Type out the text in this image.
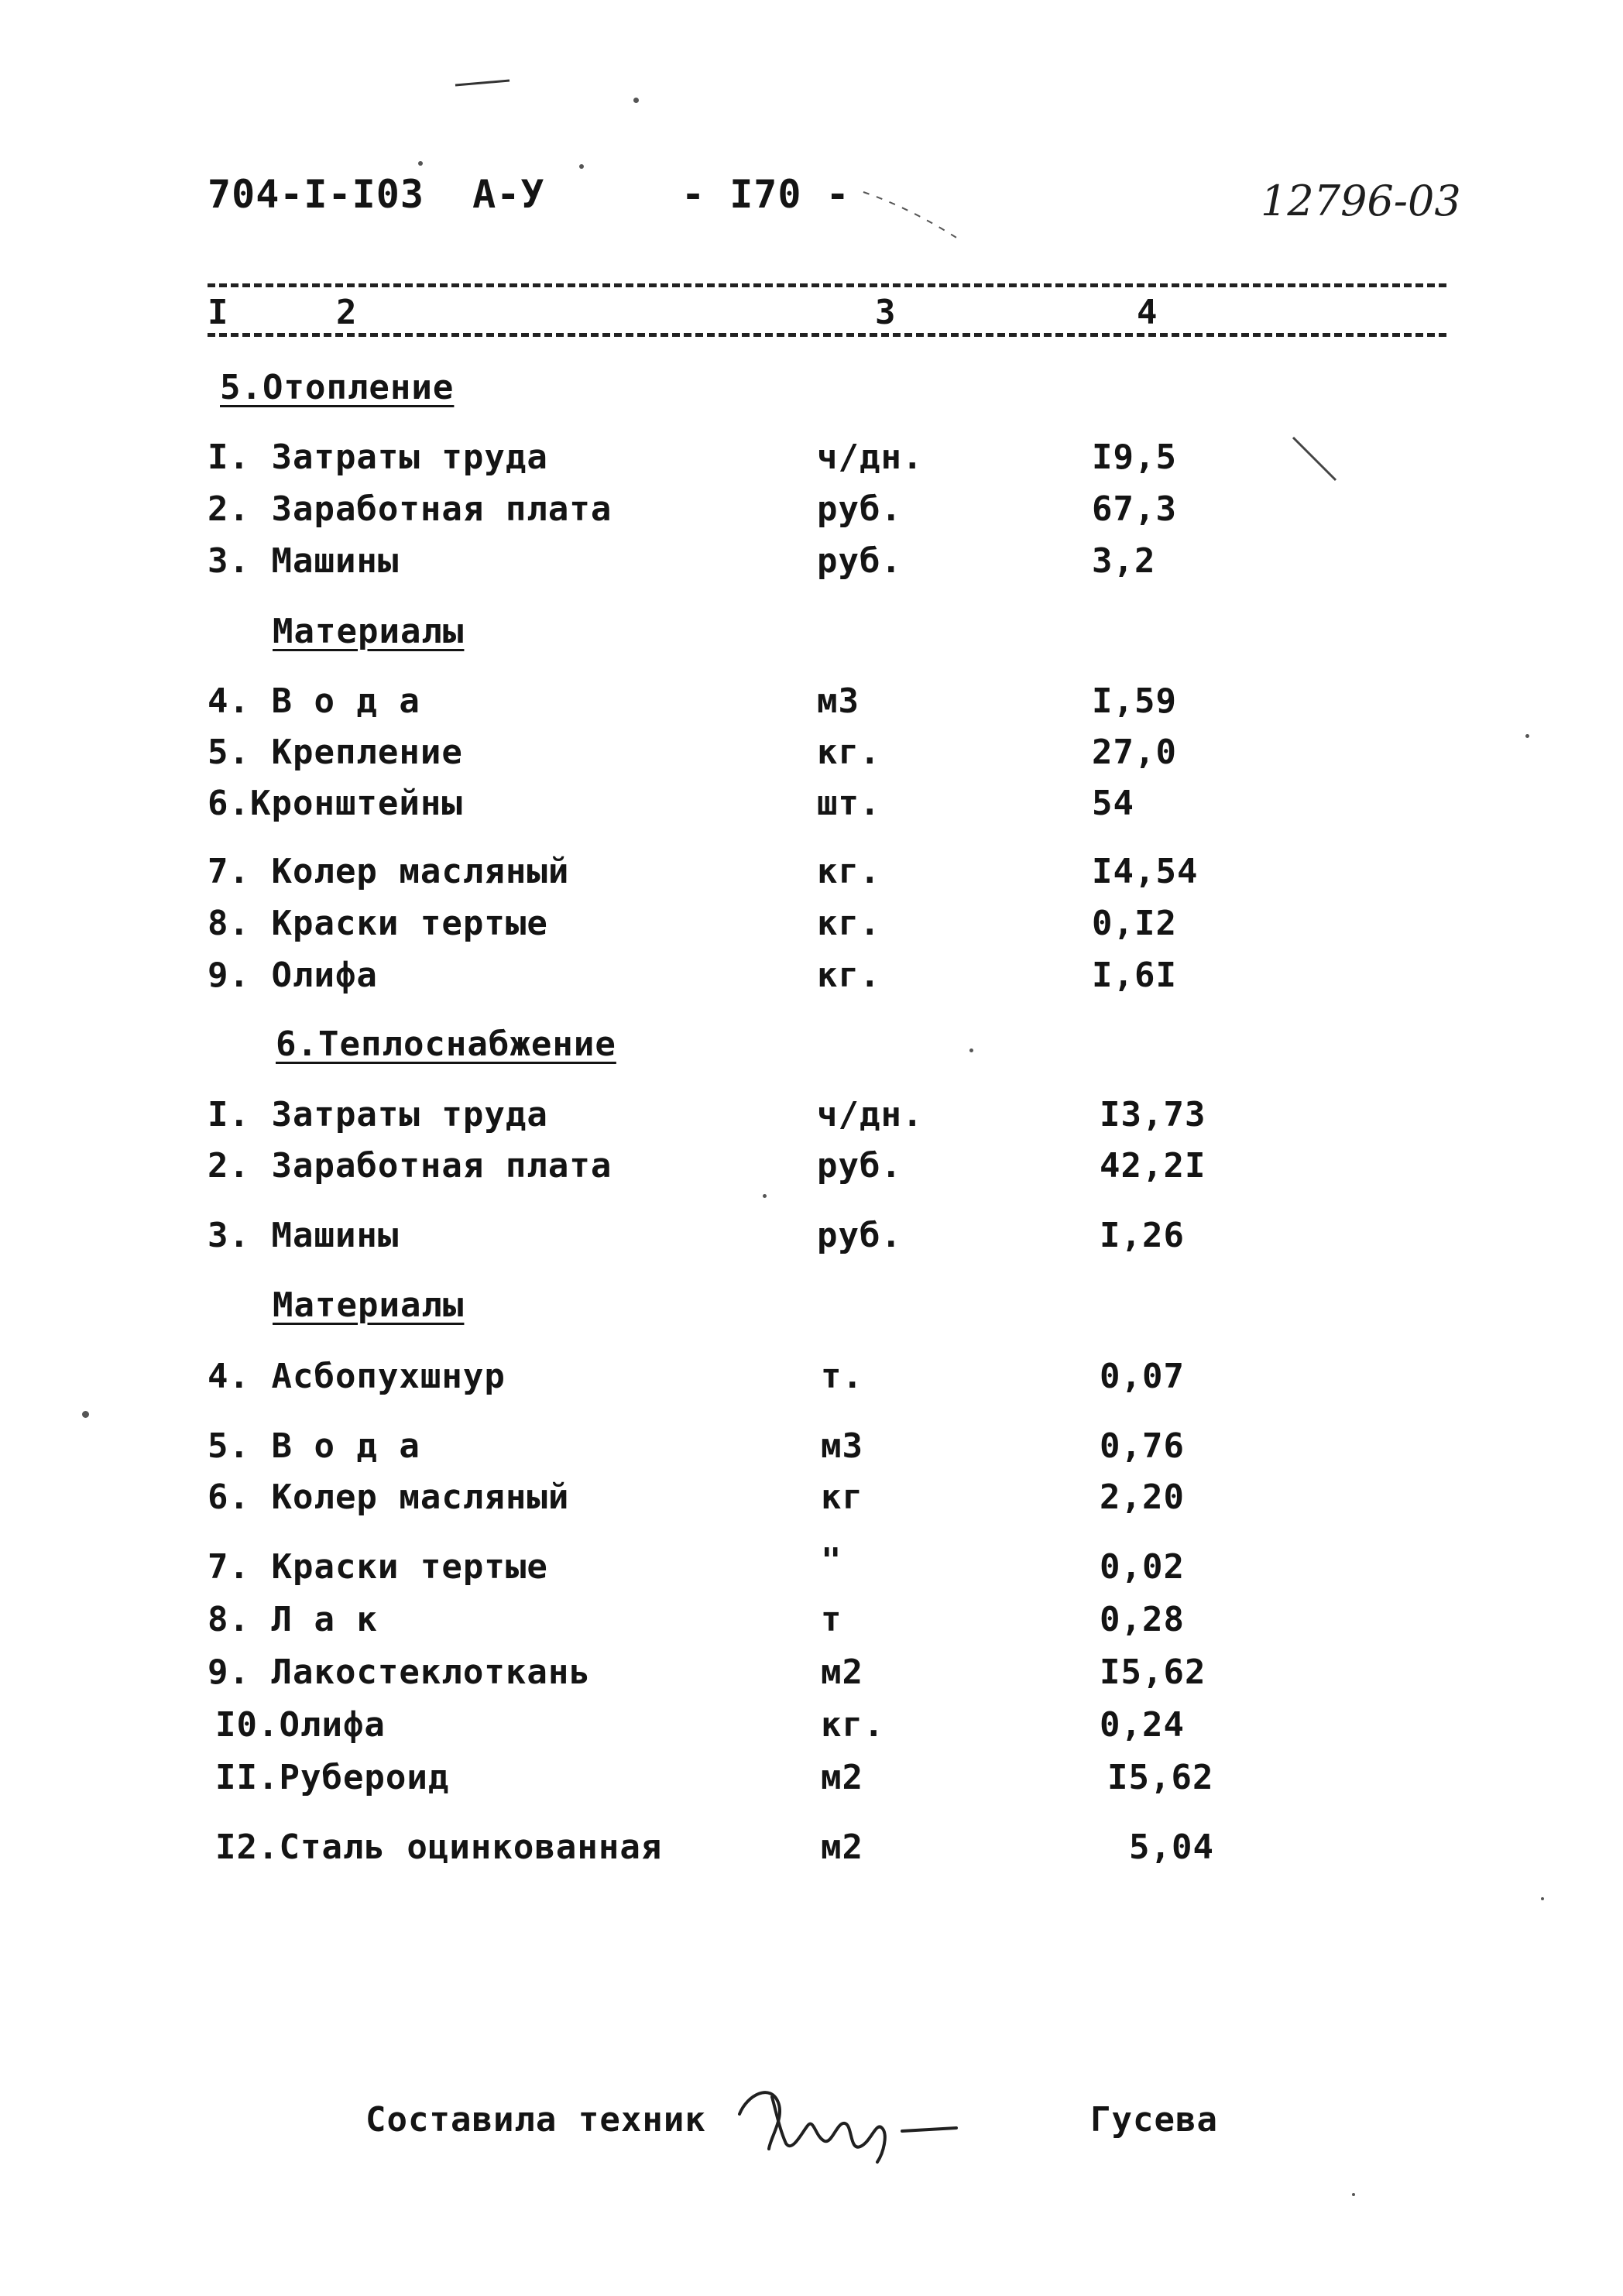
704-I-I03  А-У	- I70 -	12796-03
I	2	3	4
5.Отопление
I. Затраты труда	ч/дн.	I9,5
2. Заработная плата	руб.	67,3
3. Машины	руб.	3,2
Материалы
4. В о д а	м3	I,59
5. Крепление	кг.	27,0
6.Кронштейны	шт.	54
7. Колер масляный	кг.	I4,54
8. Краски тертые	кг.	0,I2
9. Олифа	кг.	I,6I
6.Теплоснабжение
I. Затраты труда	ч/дн.	I3,73
2. Заработная плата	руб.	42,2I
3. Машины	руб.	I,26
Материалы
4. Асбопухшнур	т.	0,07
5. В о д а	м3	0,76
6. Колер масляный	кг	2,20
7. Краски тертые	"	0,02
8. Л а к	т	0,28
9. Лакостеклоткань	м2	I5,62
I0.Олифа	кг.	0,24
II.Рубероид	м2	I5,62
I2.Сталь оцинкованная	м2	5,04
Составила техник	Гусева
